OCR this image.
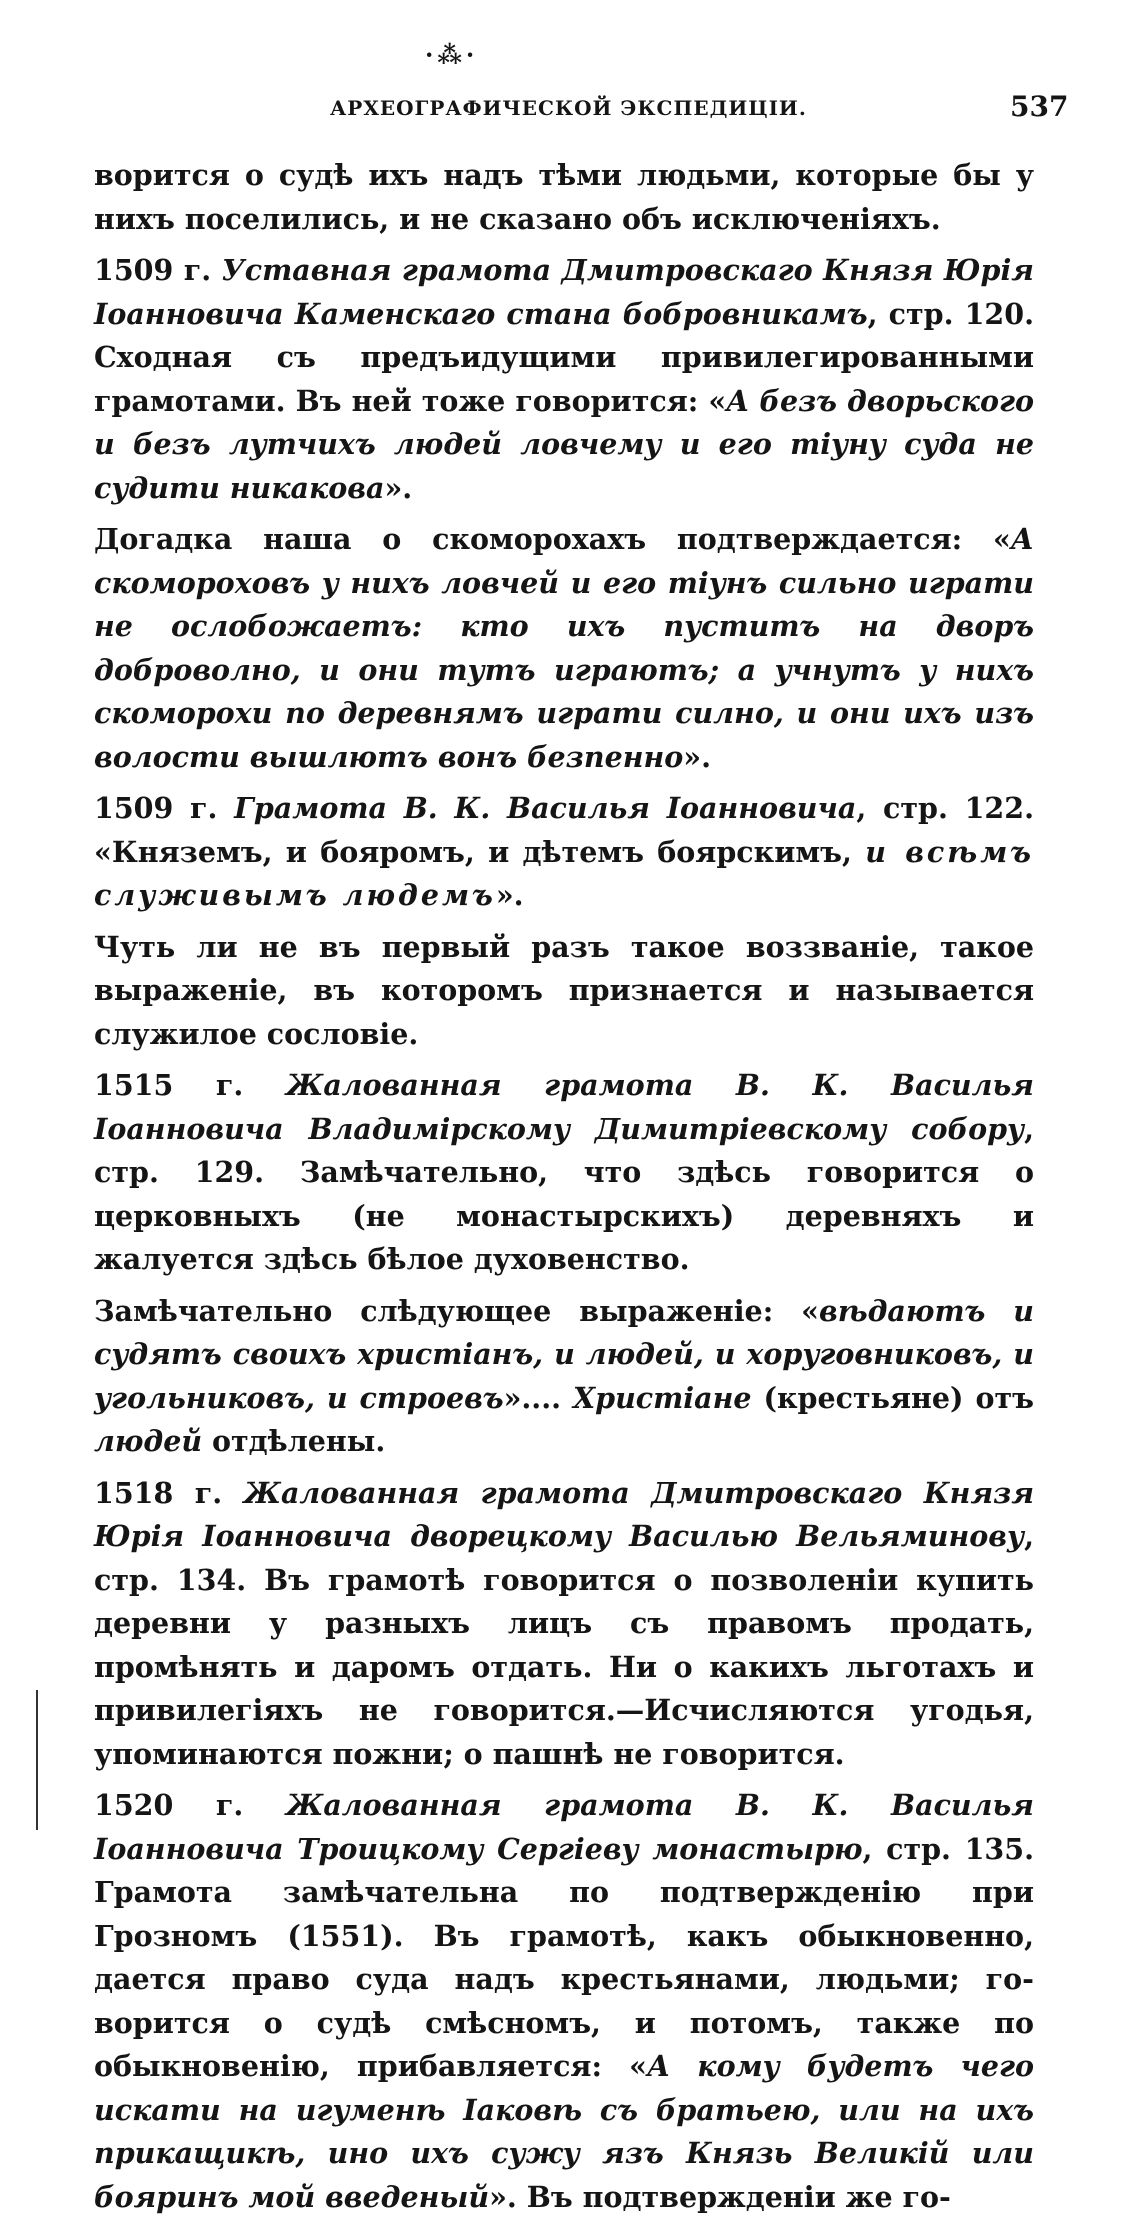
·⁂·
АРХЕОГРАФИЧЕСКОЙ ЭКСПЕДИЦІИ.	537

ворится о судѣ ихъ надъ тѣми людьми, которые бы у нихъ поселились, и не сказано объ исключеніяхъ.

1509 г. Уставная грамота Дмитровскаго Князя Юрія Іоанновича Каменскаго стана бобровникамъ, стр. 120. Сходная съ предъидущими привилегированными грамотами. Въ ней тоже говорится: «А безъ дворьского и безъ лутчихъ людей ловчему и его тіуну суда не судити никакова».

Догадка наша о скоморохахъ подтверждается: «А скомороховъ у нихъ ловчей и его тіунъ сильно играти не ослобожаетъ: кто ихъ пуститъ на дворъ доброволно, и они тутъ играютъ; а учнутъ у нихъ скоморохи по деревнямъ играти силно, и они ихъ изъ волости вышлютъ вонъ безпенно».

1509 г. Грамота В. К. Василья Іоанновича, стр. 122. «Княземъ, и бояромъ, и дѣтемъ боярскимъ, и всѣмъ служивымъ людемъ».

Чуть ли не въ первый разъ такое воззваніе, такое выраженіе, въ которомъ признается и называется служилое сословіе.

1515 г. Жалованная грамота В. К. Василья Іоанновича Владимірскому Димитріевскому собору, стр. 129. Замѣчательно, что здѣсь говорится о церковныхъ (не монастырскихъ) деревняхъ и жалуется здѣсь бѣлое духовенство.

Замѣчательно слѣдующее выраженіе: «вѣдаютъ и судятъ своихъ христіанъ, и людей, и хоруговниковъ, и угольниковъ, и строевъ».... Христіане (крестьяне) отъ людей отдѣлены.

1518 г. Жалованная грамота Дмитровскаго Князя Юрія Іоанновича дворецкому Василью Вельяминову, стр. 134. Въ грамотѣ говорится о позволеніи купить деревни у разныхъ лицъ съ правомъ продать, промѣнять и даромъ отдать. Ни о какихъ льготахъ и привилегіяхъ не говорится.—Исчисляются угодья, упоминаются пожни; о пашнѣ не говорится.

1520 г. Жалованная грамота В. К. Василья Іоанновича Троицкому Сергіеву монастырю, стр. 135. Грамота замѣчательна по подтвержденію при Грозномъ (1551). Въ грамотѣ, какъ обыкновенно, дается право суда надъ крестьянами, людьми; говорится о судѣ смѣсномъ, и потомъ, также по обыкновенію, прибавляется: «А кому будетъ чего искати на игуменѣ Іаковѣ съ братьею, или на ихъ прикащикѣ, ино ихъ сужу язъ Князь Великій или бояринъ мой введеный». Въ подтвержденіи же го-
